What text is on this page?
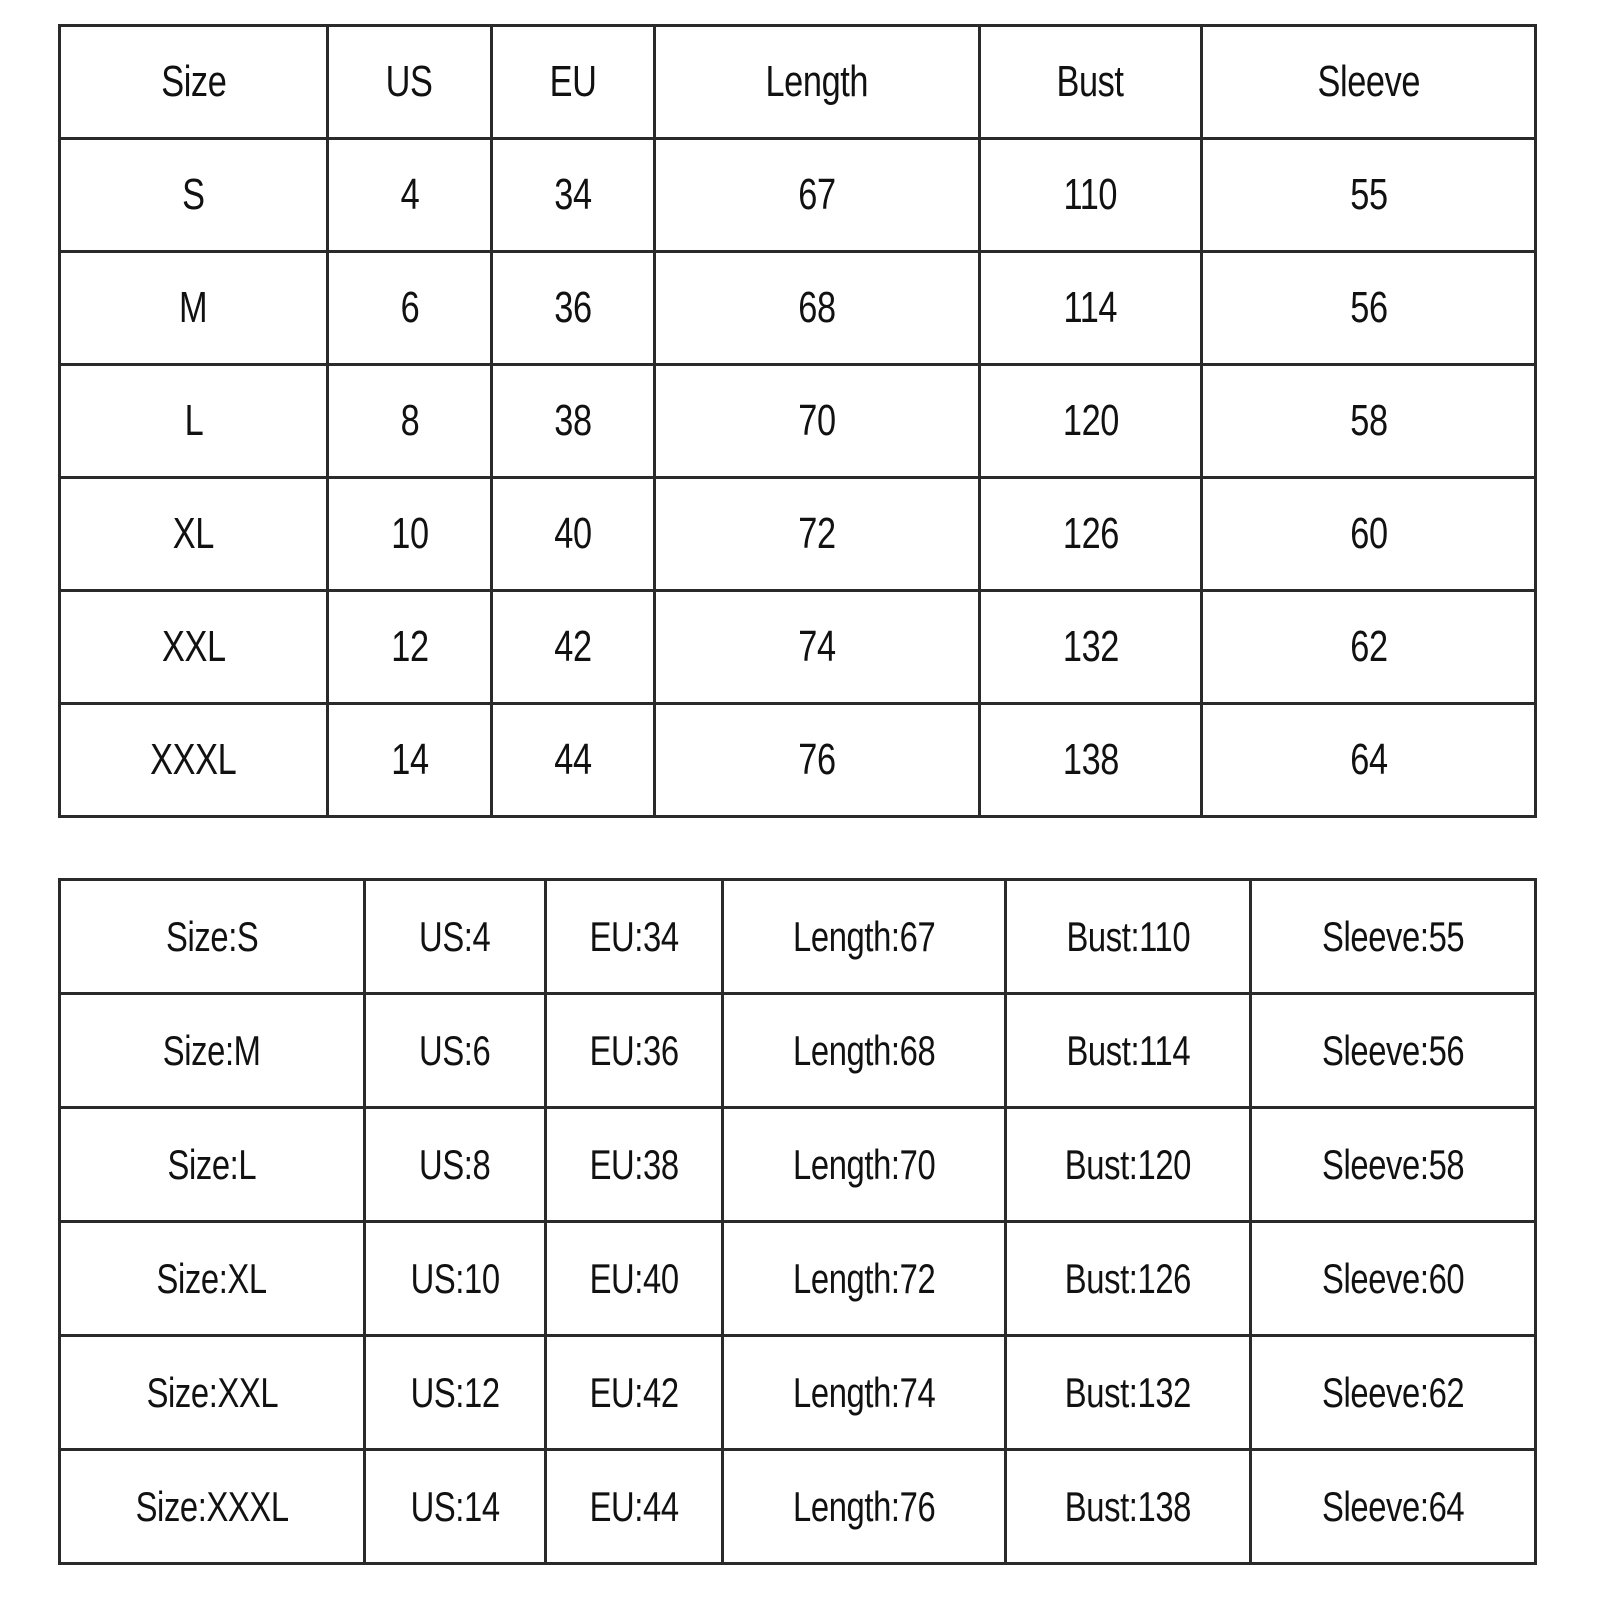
Size	US	EU	Length	Bust	Sleeve
S	4	34	67	110	55
M	6	36	68	114	56
L	8	38	70	120	58
XL	10	40	72	126	60
XXL	12	42	74	132	62
XXXL	14	44	76	138	64
Size:S	US:4	EU:34	Length:67	Bust:110	Sleeve:55
Size:M	US:6	EU:36	Length:68	Bust:114	Sleeve:56
Size:L	US:8	EU:38	Length:70	Bust:120	Sleeve:58
Size:XL	US:10	EU:40	Length:72	Bust:126	Sleeve:60
Size:XXL	US:12	EU:42	Length:74	Bust:132	Sleeve:62
Size:XXXL	US:14	EU:44	Length:76	Bust:138	Sleeve:64
